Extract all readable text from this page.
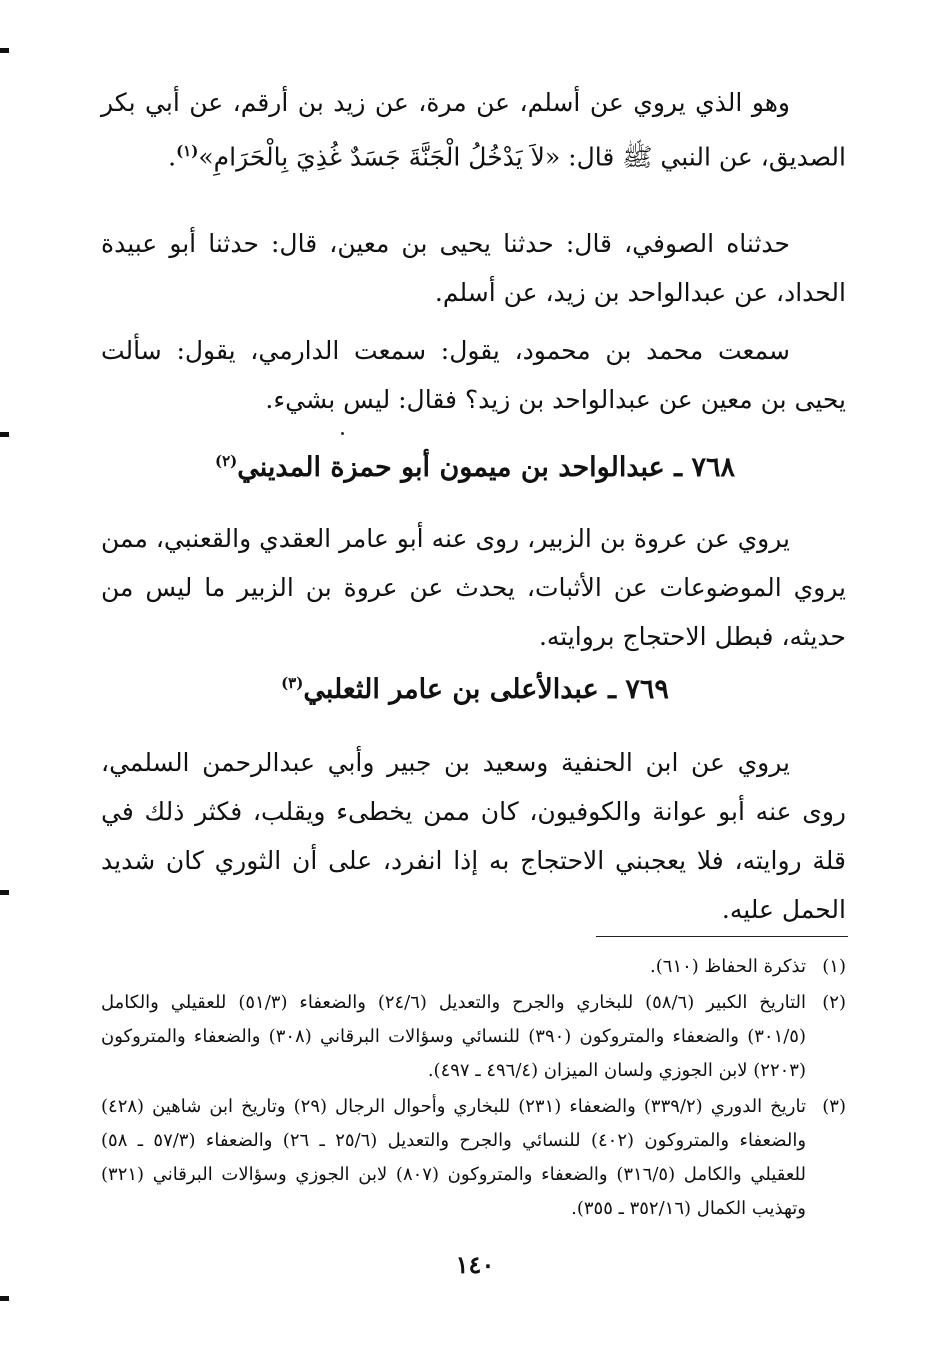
وهو الذي يروي عن أسلم، عن مرة، عن زيد بن أرقم، عن أبي بكر الصديق، عن النبي ﷺ قال: «لاَ يَدْخُلُ الْجَنَّةَ جَسَدٌ غُذِيَ بِالْحَرَامِ»$^{(١)}$.

حدثناه الصوفي، قال: حدثنا يحيى بن معين، قال: حدثنا أبو عبيدة الحداد، عن عبدالواحد بن زيد، عن أسلم.

سمعت محمد بن محمود، يقول: سمعت الدارمي، يقول: سألت يحيى بن معين عن عبدالواحد بن زيد؟ فقال: ليس بشيء.

٧٦٨ ـ عبدالواحد بن ميمون أبو حمزة المديني$^{(٢)}$

يروي عن عروة بن الزبير، روى عنه أبو عامر العقدي والقعنبي، ممن يروي الموضوعات عن الأثبات، يحدث عن عروة بن الزبير ما ليس من حديثه، فبطل الاحتجاج بروايته.

٧٦٩ ـ عبدالأعلى بن عامر الثعلبي$^{(٣)}$

يروي عن ابن الحنفية وسعيد بن جبير وأبي عبدالرحمن السلمي، روى عنه أبو عوانة والكوفيون، كان ممن يخطىء ويقلب، فكثر ذلك في قلة روايته، فلا يعجبني الاحتجاج به إذا انفرد، على أن الثوري كان شديد الحمل عليه.

(١)
تذكرة الحفاظ (٦١٠).

(٢)
التاريخ الكبير (٥٨/٦) للبخاري والجرح والتعديل (٢٤/٦) والضعفاء (٥١/٣) للعقيلي والكامل (٣٠١/٥) والضعفاء والمتروكون (٣٩٠) للنسائي وسؤالات البرقاني (٣٠٨) والضعفاء والمتروكون (٢٢٠٣) لابن الجوزي ولسان الميزان (٤٩٦/٤ ـ ٤٩٧).

(٣)
تاريخ الدوري (٣٣٩/٢) والضعفاء (٢٣١) للبخاري وأحوال الرجال (٢٩) وتاريخ ابن شاهين (٤٢٨) والضعفاء والمتروكون (٤٠٢) للنسائي والجرح والتعديل (٢٥/٦ ـ ٢٦) والضعفاء (٥٧/٣ ـ ٥٨) للعقيلي والكامل (٣١٦/٥) والضعفاء والمتروكون (٨٠٧) لابن الجوزي وسؤالات البرقاني (٣٢١) وتهذيب الكمال (٣٥٢/١٦ ـ ٣٥٥).

١٤٠
